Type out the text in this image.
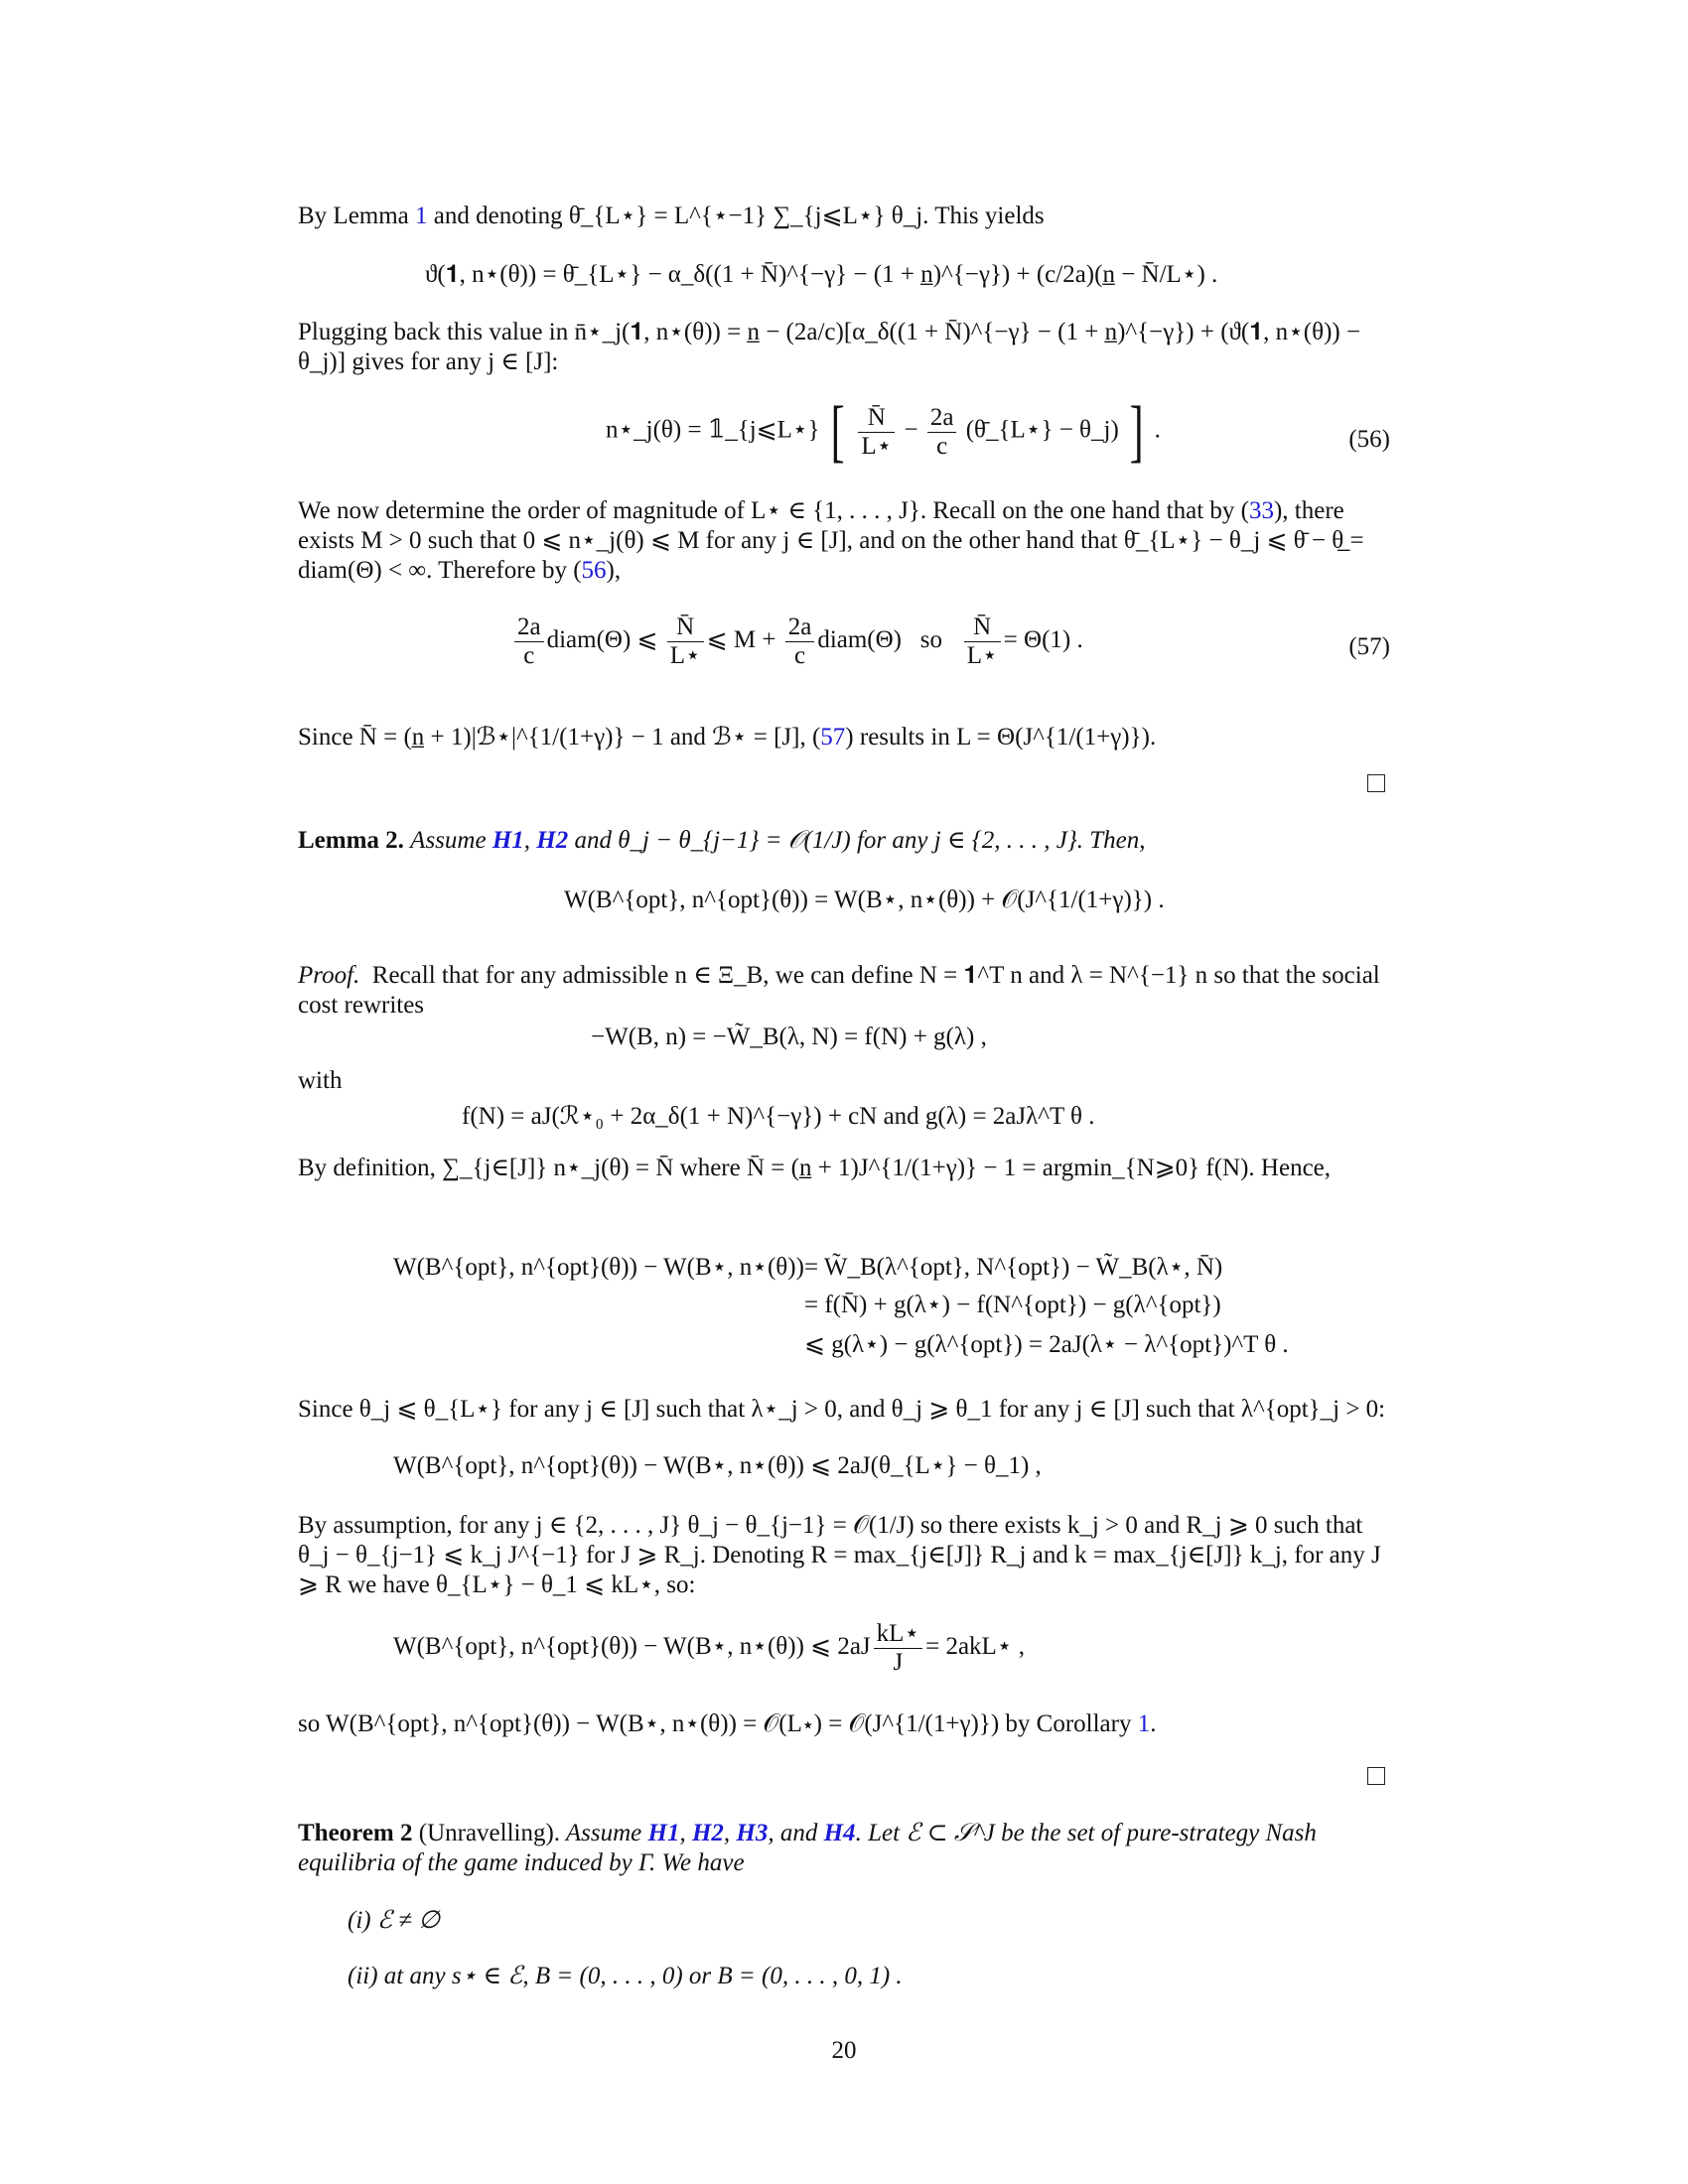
By Lemma 1 and denoting θ̄_{L⋆} = L^{⋆−1} ∑_{j⩽L⋆} θ_j. This yields
ϑ(𝟏, n⋆(θ)) = θ̄_{L⋆} − α_δ((1 + N̄)^{−γ} − (1 + n̲)^{−γ}) + (c/2a)(n̲ − N̄/L⋆) .
Plugging back this value in n̄⋆_j(𝟏, n⋆(θ)) = n̲ − (2a/c)[α_δ((1 + N̄)^{−γ} − (1 + n̲)^{−γ}) + (ϑ(𝟏, n⋆(θ)) − θ_j)] gives for any j ∈ [J]:
n⋆_j(θ) = 𝟙_{j⩽L⋆} [ $\frac{N̄}{L⋆} - \frac{2a}{c}$ (θ̄_{L⋆} − θ_j) ] .	(56)
We now determine the order of magnitude of L⋆ ∈ {1, . . . , J}. Recall on the one hand that by (33), there exists M > 0 such that 0 ⩽ n⋆_j(θ) ⩽ M for any j ∈ [J], and on the other hand that θ̄_{L⋆} − θ_j ⩽ θ̄ − θ̲ = diam(Θ) < ∞. Therefore by (56),
$\frac{2a}{c}$ diam(Θ) ⩽ $\frac{N̄}{L⋆}$ ⩽ $M + \frac{2a}{c}$ diam(Θ) so $\frac{N̄}{L⋆} = \Theta(1)$ .	(57)
Since N̄ = (n̲ + 1)|ℬ⋆|^{1/(1+γ)} − 1 and ℬ⋆ = [J], (57) results in L = Θ(J^{1/(1+γ)}).
Lemma 2. Assume H1, H2 and θ_j − θ_{j−1} = 𝒪(1/J) for any j ∈ {2, . . . , J}. Then,
W(B^{opt}, n^{opt}(θ)) = W(B⋆, n⋆(θ)) + 𝒪(J^{1/(1+γ)}) .
Proof. Recall that for any admissible n ∈ Ξ_B, we can define N = 𝟏^T n and λ = N^{−1} n so that the social cost rewrites
−W(B, n) = −W̃_B(λ, N) = f(N) + g(λ) ,
with
f(N) = aJ(ℛ⋆₀ + 2α_δ(1 + N)^{−γ}) + cN and g(λ) = 2aJλ^T θ .
By definition, ∑_{j∈[J]} n⋆_j(θ) = N̄ where N̄ = (n̲ + 1)J^{1/(1+γ)} − 1 = argmin_{N⩾0} f(N). Hence,
W(B^{opt}, n^{opt}(θ)) − W(B⋆, n⋆(θ)) = W̃_B(λ^{opt}, N^{opt}) − W̃_B(λ⋆, N̄)
= f(N̄) + g(λ⋆) − f(N^{opt}) − g(λ^{opt})
⩽ g(λ⋆) − g(λ^{opt}) = 2aJ(λ⋆ − λ^{opt})^T θ .
Since θ_j ⩽ θ_{L⋆} for any j ∈ [J] such that λ⋆_j > 0, and θ_j ⩾ θ_1 for any j ∈ [J] such that λ^{opt}_j > 0:
W(B^{opt}, n^{opt}(θ)) − W(B⋆, n⋆(θ)) ⩽ 2aJ(θ_{L⋆} − θ_1) ,
By assumption, for any j ∈ {2, . . . , J} θ_j − θ_{j−1} = 𝒪(1/J) so there exists k_j > 0 and R_j ⩾ 0 such that θ_j − θ_{j−1} ⩽ k_j J^{−1} for J ⩾ R_j. Denoting R = max_{j∈[J]} R_j and k = max_{j∈[J]} k_j, for any J ⩾ R we have θ_{L⋆} − θ_1 ⩽ kL⋆, so:
W(B^{opt}, n^{opt}(θ)) − W(B⋆, n⋆(θ)) ⩽ $2aJ \frac{kL⋆}{J}$ = 2akL⋆ ,
so W(B^{opt}, n^{opt}(θ)) − W(B⋆, n⋆(θ)) = 𝒪(L⋆) = 𝒪(J^{1/(1+γ)}) by Corollary 1.
Theorem 2 (Unravelling). Assume H1, H2, H3, and H4. Let ℰ ⊂ 𝒮^J be the set of pure-strategy Nash equilibria of the game induced by Γ. We have
(i) ℰ ≠ ∅
(ii) at any s⋆ ∈ ℰ, B = (0, . . . , 0) or B = (0, . . . , 0, 1) .
20
